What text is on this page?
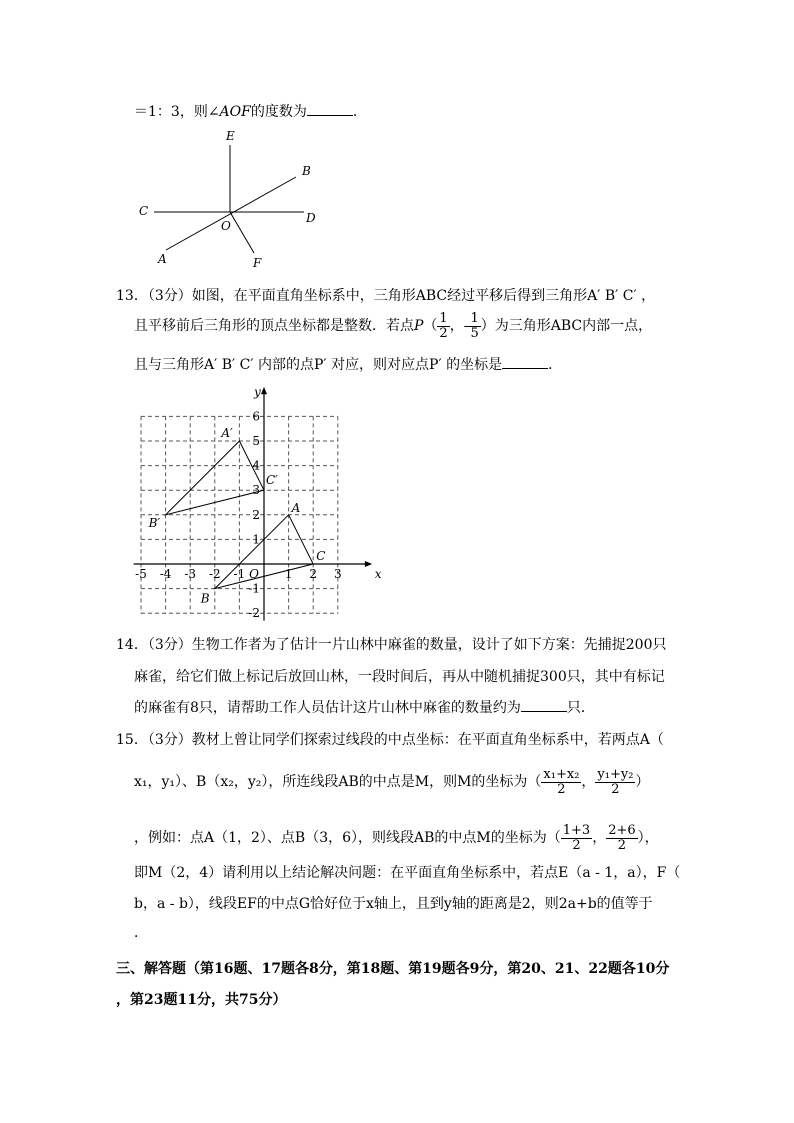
＝1：3，则∠AOF的度数为	．
E
B
C	D
O
A	F
13．（3分）如图，在平面直角坐标系中，三角形ABC经过平移后得到三角形A′ B′ C′ ，
且平移前后三角形的顶点坐标都是整数．若点$P( \frac{1}{2}$ ，- $\frac{1}{5}$ ）为三角形ABC内部一点，
且与三角形A′ B′ C′ 内部的点P′ 对应，则对应点P′ 的坐标是	．
x
y
O
-5 -4 -3 -2 -1	1 2 3
6
5
4
3
2
1
-1
-2
A
B
C
A′
B′
C′
14．（3分）生物工作者为了估计一片山林中麻雀的数量，设计了如下方案：先捕捉200只
麻雀，给它们做上标记后放回山林，一段时间后，再从中随机捕捉300只，其中有标记
的麻雀有8只，请帮助工作人员估计这片山林中麻雀的数量约为	只．
15．（3分）教材上曾让同学们探索过线段的中点坐标：在平面直角坐标系中，若两点A（
x₁，y₁）、B（x₂，y₂），所连线段AB的中点是M，则M的坐标为（ $\frac{\text{x₁+x₂}}{2}$ ， $\frac{\text{y₁+y₂}}{2}$ ）
，例如：点A（1，2）、点B（3，6），则线段AB的中点M的坐标为（ $\frac{1+3}{2}$ ， $\frac{2+6}{2}$ ），
即M（2，4）请利用以上结论解决问题：在平面直角坐标系中，若点E（a - 1，a），F（
b，a - b），线段EF的中点G恰好位于x轴上，且到y轴的距离是2，则2a+b的值等于
．
三、解答题（第16题、17题各8分，第18题、第19题各9分，第20、21、22题各10分
，第23题11分，共75分）
